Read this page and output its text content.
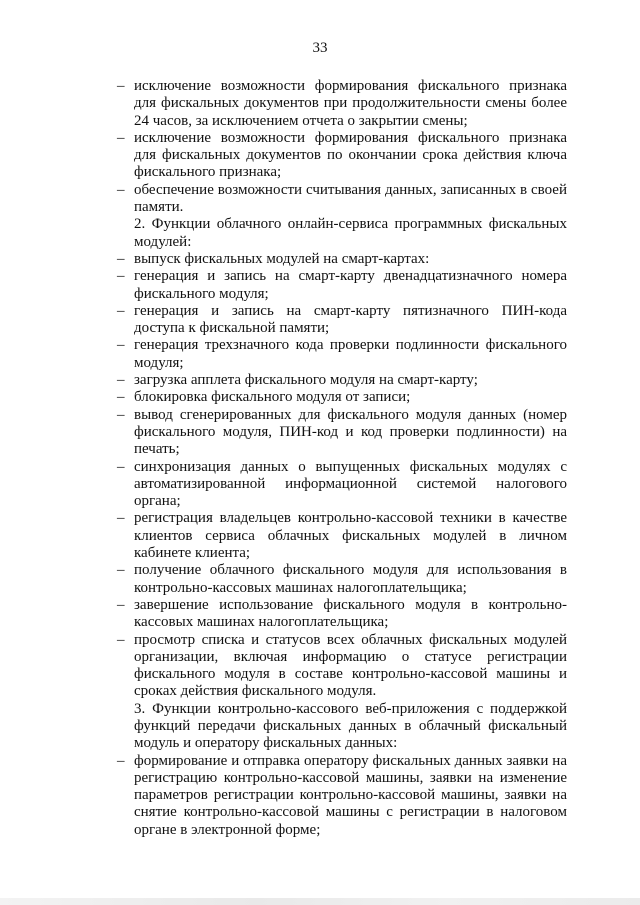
33
– исключение возможности формирования фискального признака для фискальных документов при продолжительности смены более 24 часов, за исключением отчета о закрытии смены;
– исключение возможности формирования фискального признака для фискальных документов по окончании срока действия ключа фискального признака;
– обеспечение возможности считывания данных, записанных в своей памяти.

2. Функции облачного онлайн-сервиса программных фискальных модулей:

– выпуск фискальных модулей на смарт-картах:
– генерация и запись на смарт-карту двенадцатизначного номера фискального модуля;
– генерация и запись на смарт-карту пятизначного ПИН-кода доступа к фискальной памяти;
– генерация трехзначного кода проверки подлинности фискального модуля;
– загрузка апплета фискального модуля на смарт-карту;
– блокировка фискального модуля от записи;
– вывод сгенерированных для фискального модуля данных (номер фискального модуля, ПИН-код и код проверки подлинности) на печать;
– синхронизация данных о выпущенных фискальных модулях с автоматизированной информационной системой налогового органа;
– регистрация владельцев контрольно-кассовой техники в качестве клиентов сервиса облачных фискальных модулей в личном кабинете клиента;
– получение облачного фискального модуля для использования в контрольно-кассовых машинах налогоплательщика;
– завершение использование фискального модуля в контрольно-кассовых машинах налогоплательщика;
– просмотр списка и статусов всех облачных фискальных модулей организации, включая информацию о статусе регистрации фискального модуля в составе контрольно-кассовой машины и сроках действия фискального модуля.

3. Функции контрольно-кассового веб-приложения с поддержкой функций передачи фискальных данных в облачный фискальный модуль и оператору фискальных данных:

– формирование и отправка оператору фискальных данных заявки на регистрацию контрольно-кассовой машины, заявки на изменение параметров регистрации контрольно-кассовой машины, заявки на снятие контрольно-кассовой машины с регистрации в налоговом органе в электронной форме;
